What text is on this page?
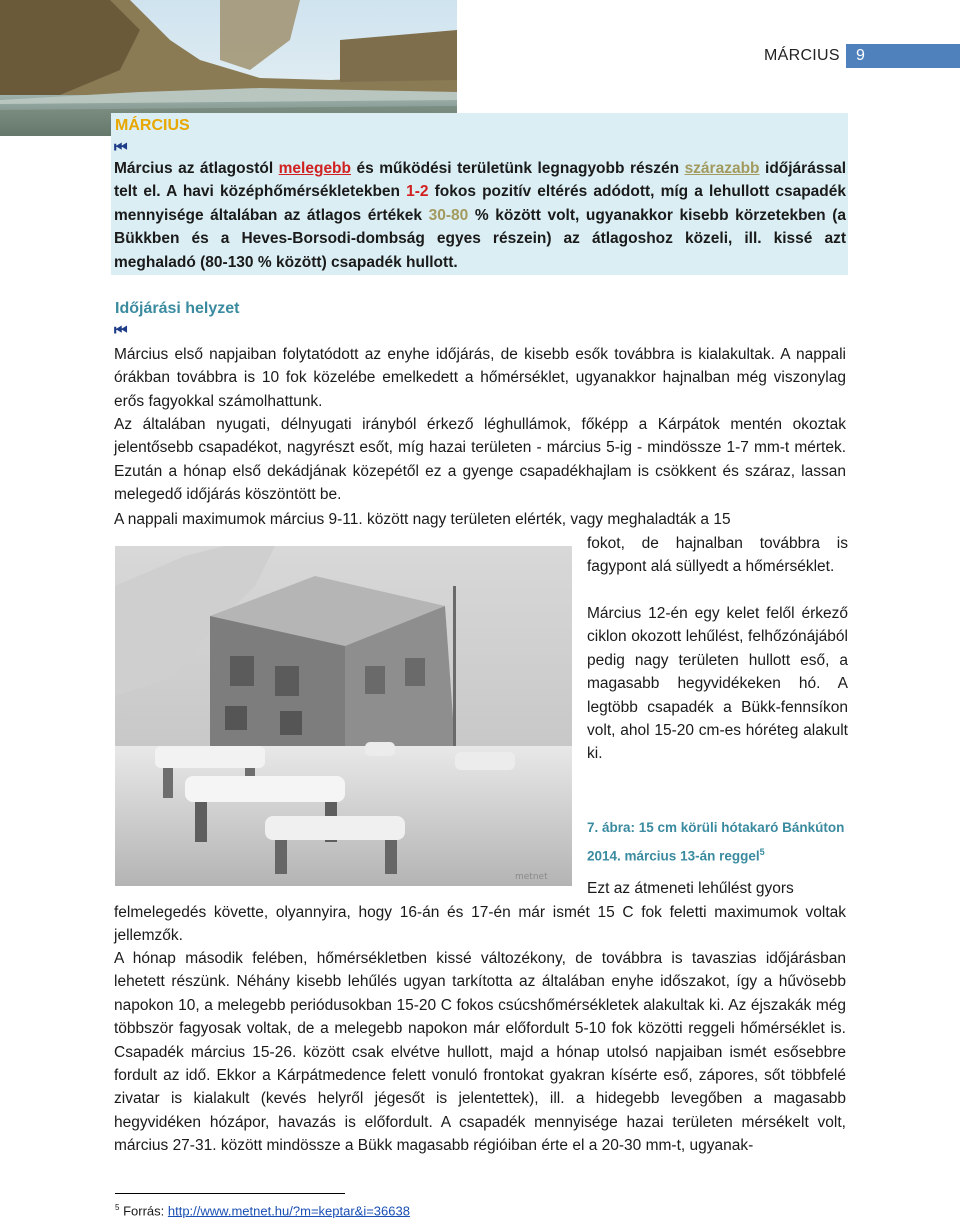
MÁRCIUS	9
MÁRCIUS
⏮
Március az átlagostól melegebb és működési területünk legnagyobb részén szárazabb időjárással telt el. A havi középhőmérsékletekben 1-2 fokos pozitív eltérés adódott, míg a lehullott csapadék mennyisége általában az átlagos értékek 30-80 % között volt, ugyanakkor kisebb körzetekben (a Bükkben és a Heves-Borsodi-dombság egyes részein) az átlagoshoz közeli, ill. kissé azt meghaladó (80-130 % között) csapadék hullott.
Időjárási helyzet
⏮
Március első napjaiban folytatódott az enyhe időjárás, de kisebb esők továbbra is kialakultak. A nappali órákban továbbra is 10 fok közelébe emelkedett a hőmérséklet, ugyanakkor hajnalban még viszonylag erős fagyokkal számolhattunk.
Az általában nyugati, délnyugati irányból érkező léghullámok, főképp a Kárpátok mentén okoztak jelentősebb csapadékot, nagyrészt esőt, míg hazai területen - március 5-ig - mindössze 1-7 mm-t mértek. Ezután a hónap első dekádjának közepétől ez a gyenge csapadékhajlam is csökkent és száraz, lassan melegedő időjárás köszöntött be.
A nappali maximumok március 9-11. között nagy területen elérték, vagy meghaladták a 15
fokot, de hajnalban továbbra is fagypont alá süllyedt a hőmérséklet.
Március 12-én egy kelet felől érkező ciklon okozott lehűlést, felhőzónájából pedig nagy területen hullott eső, a magasabb hegyvidékeken hó. A legtöbb csapadék a Bükk-fennsíkon volt, ahol 15-20 cm-es hóréteg alakult ki.
metnet
7. ábra: 15 cm körüli hótakaró Bánkúton 2014. március 13-án reggel$^5$
Ezt az átmeneti lehűlést gyors
felmelegedés követte, olyannyira, hogy 16-án és 17-én már ismét 15 C fok feletti maximumok voltak jellemzők.
A hónap második felében, hőmérsékletben kissé változékony, de továbbra is tavaszias időjárásban lehetett részünk. Néhány kisebb lehűlés ugyan tarkította az általában enyhe időszakot, így a hűvösebb napokon 10, a melegebb periódusokban 15-20 C fokos csúcshőmérsékletek alakultak ki. Az éjszakák még többször fagyosak voltak, de a melegebb napokon már előfordult 5-10 fok közötti reggeli hőmérséklet is. Csapadék március 15-26. között csak elvétve hullott, majd a hónap utolsó napjaiban ismét esősebbre fordult az idő. Ekkor a Kárpátmedence felett vonuló frontokat gyakran kísérte eső, zápores, sőt többfelé zivatar is kialakult (kevés helyről jégesőt is jelentettek), ill. a hidegebb levegőben a magasabb hegyvidéken hózápor, havazás is előfordult. A csapadék mennyisége hazai területen mérsékelt volt, március 27-31. között mindössze a Bükk magasabb régióiban érte el a 20-30 mm-t, ugyanak-
$^5$ Forrás: http://www.metnet.hu/?m=keptar&i=36638
